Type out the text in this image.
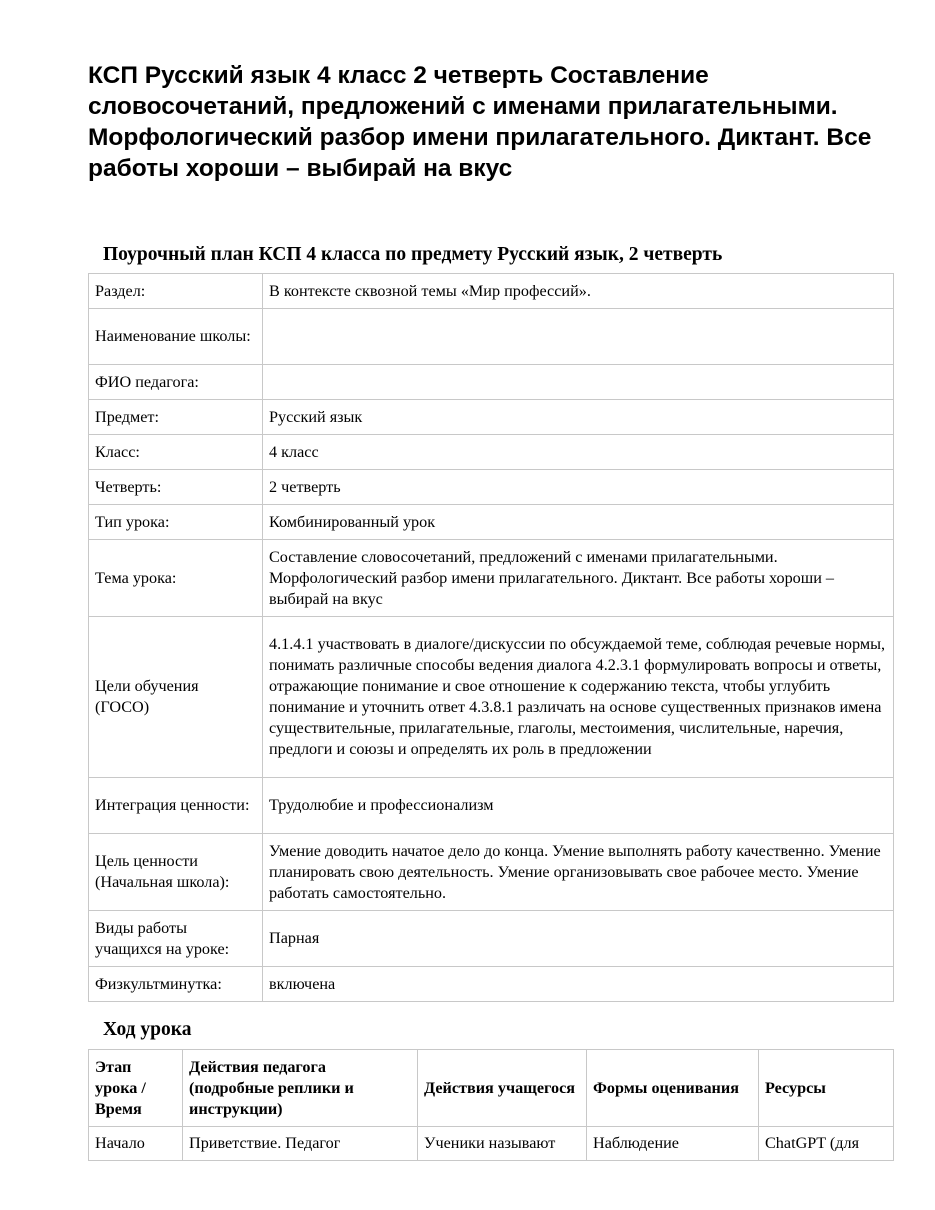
КСП Русский язык 4 класс 2 четверть Составление словосочетаний, предложений с именами прилагательными. Морфологический разбор имени прилагательного. Диктант. Все работы хороши – выбирай на вкус
Поурочный план КСП 4 класса по предмету Русский язык, 2 четверть
Раздел:	В контексте сквозной темы «Мир профессий».
Наименование школы:	
ФИО педагога:	
Предмет:	Русский язык
Класс:	4 класс
Четверть:	2 четверть
Тип урока:	Комбинированный урок
Тема урока:	Составление словосочетаний, предложений с именами прилагательными. Морфологический разбор имени прилагательного. Диктант. Все работы хороши – выбирай на вкус
Цели обучения (ГОСО)	4.1.4.1 участвовать в диалоге/дискуссии по обсуждаемой теме, соблюдая речевые нормы, понимать различные способы ведения диалога 4.2.3.1 формулировать вопросы и ответы, отражающие понимание и свое отношение к содержанию текста, чтобы углубить понимание и уточнить ответ 4.3.8.1 различать на основе существенных признаков имена существительные, прилагательные, глаголы, местоимения, числительные, наречия, предлоги и союзы и определять их роль в предложении
Интеграция ценности:	Трудолюбие и профессионализм
Цель ценности (Начальная школа):	Умение доводить начатое дело до конца. Умение выполнять работу качественно. Умение планировать свою деятельность. Умение организовывать свое рабочее место. Умение работать самостоятельно.
Виды работы учащихся на уроке:	Парная
Физкультминутка:	включена
Ход урока
Этап урока / Время	Действия педагога (подробные реплики и инструкции)	Действия учащегося	Формы оценивания	Ресурсы
Начало	Приветствие. Педагог	Ученики называют	Наблюдение	ChatGPT (для
